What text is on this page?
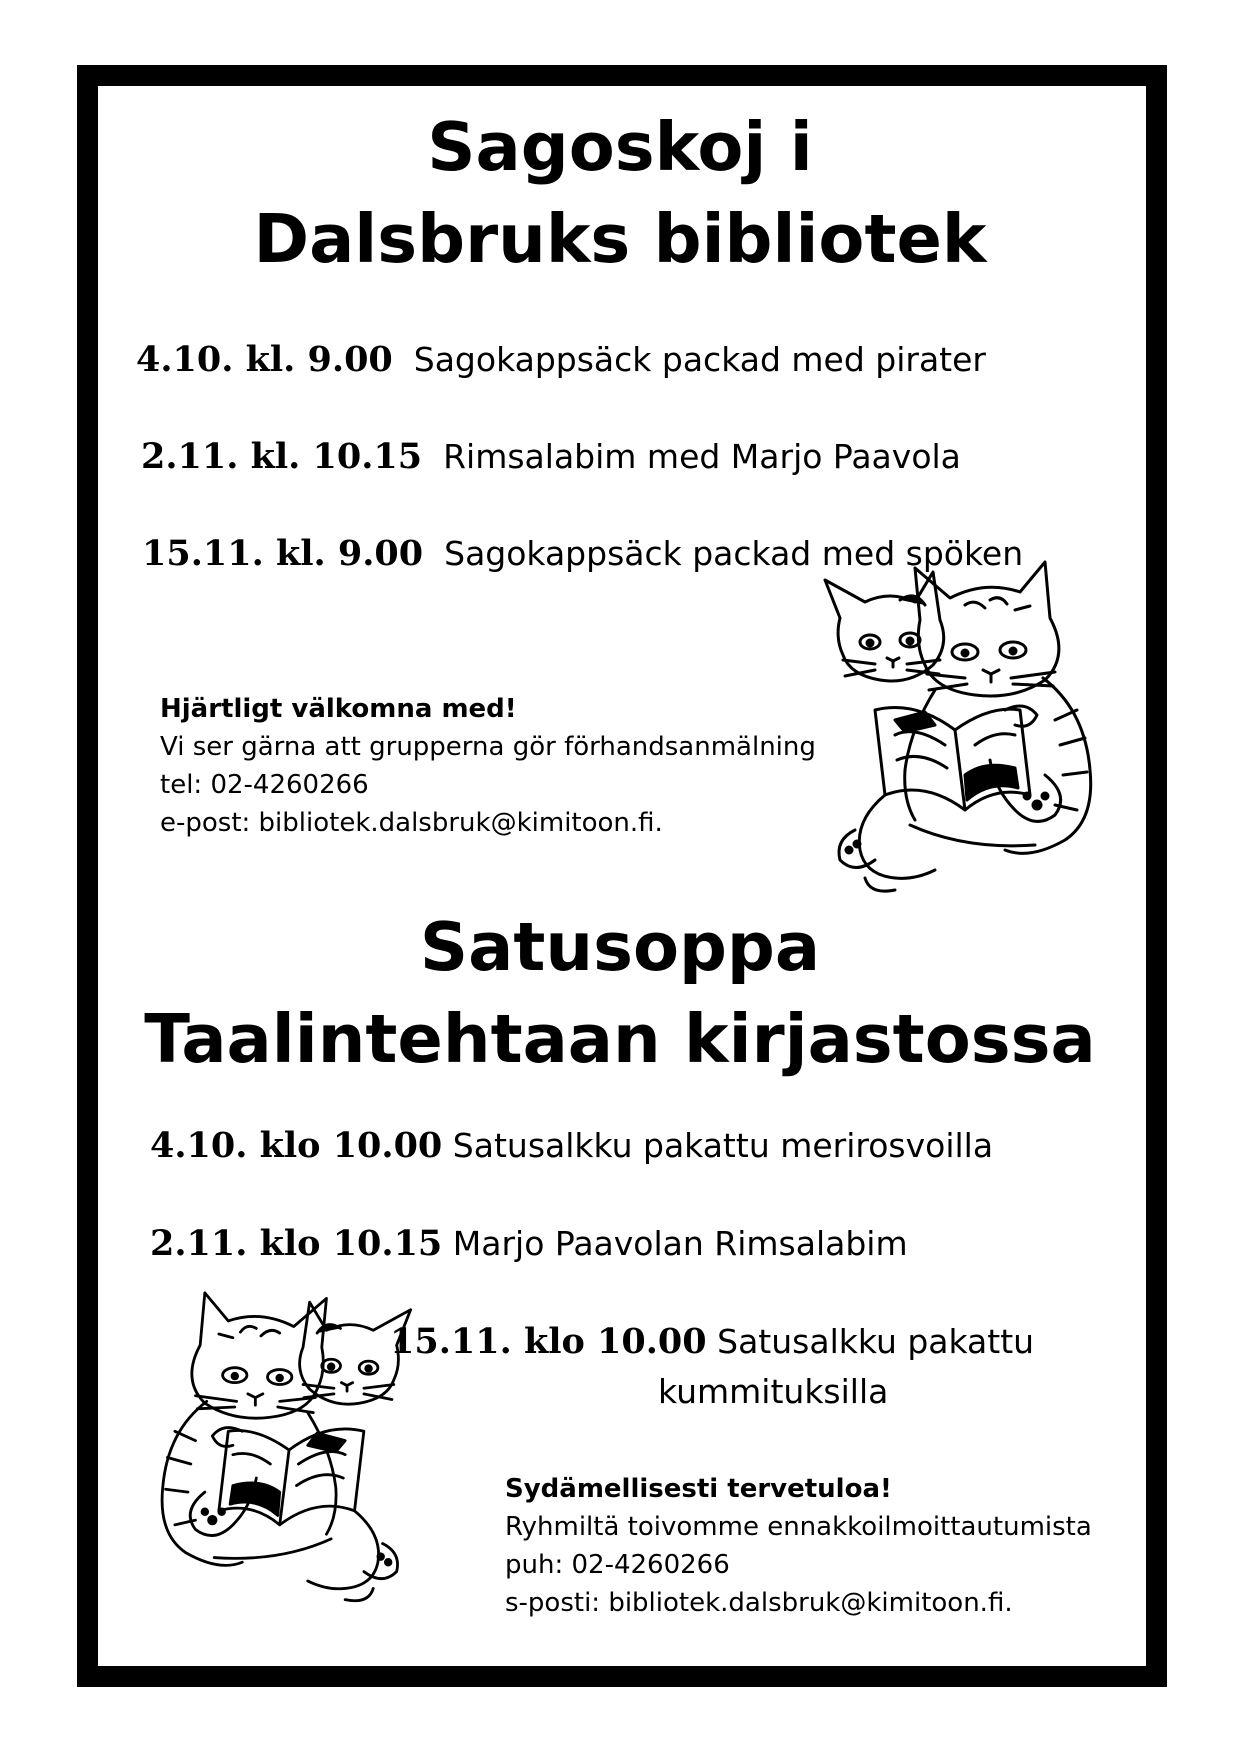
Sagoskoj i
Dalsbruks bibliotek
4.10. kl. 9.00 Sagokappsäck packad med pirater
2.11. kl. 10.15 Rimsalabim med Marjo Paavola
15.11. kl. 9.00 Sagokappsäck packad med spöken
Hjärtligt välkomna med!
Vi ser gärna att grupperna gör förhandsanmälning
tel: 02-4260266
e-post: bibliotek.dalsbruk@kimitoon.fi.
Satusoppa
Taalintehtaan kirjastossa
4.10. klo 10.00 Satusalkku pakattu merirosvoilla
2.11. klo 10.15 Marjo Paavolan Rimsalabim
15.11. klo 10.00 Satusalkku pakattu
kummituksilla
Sydämellisesti tervetuloa!
Ryhmiltä toivomme ennakkoilmoittautumista
puh: 02-4260266
s-posti: bibliotek.dalsbruk@kimitoon.fi.
